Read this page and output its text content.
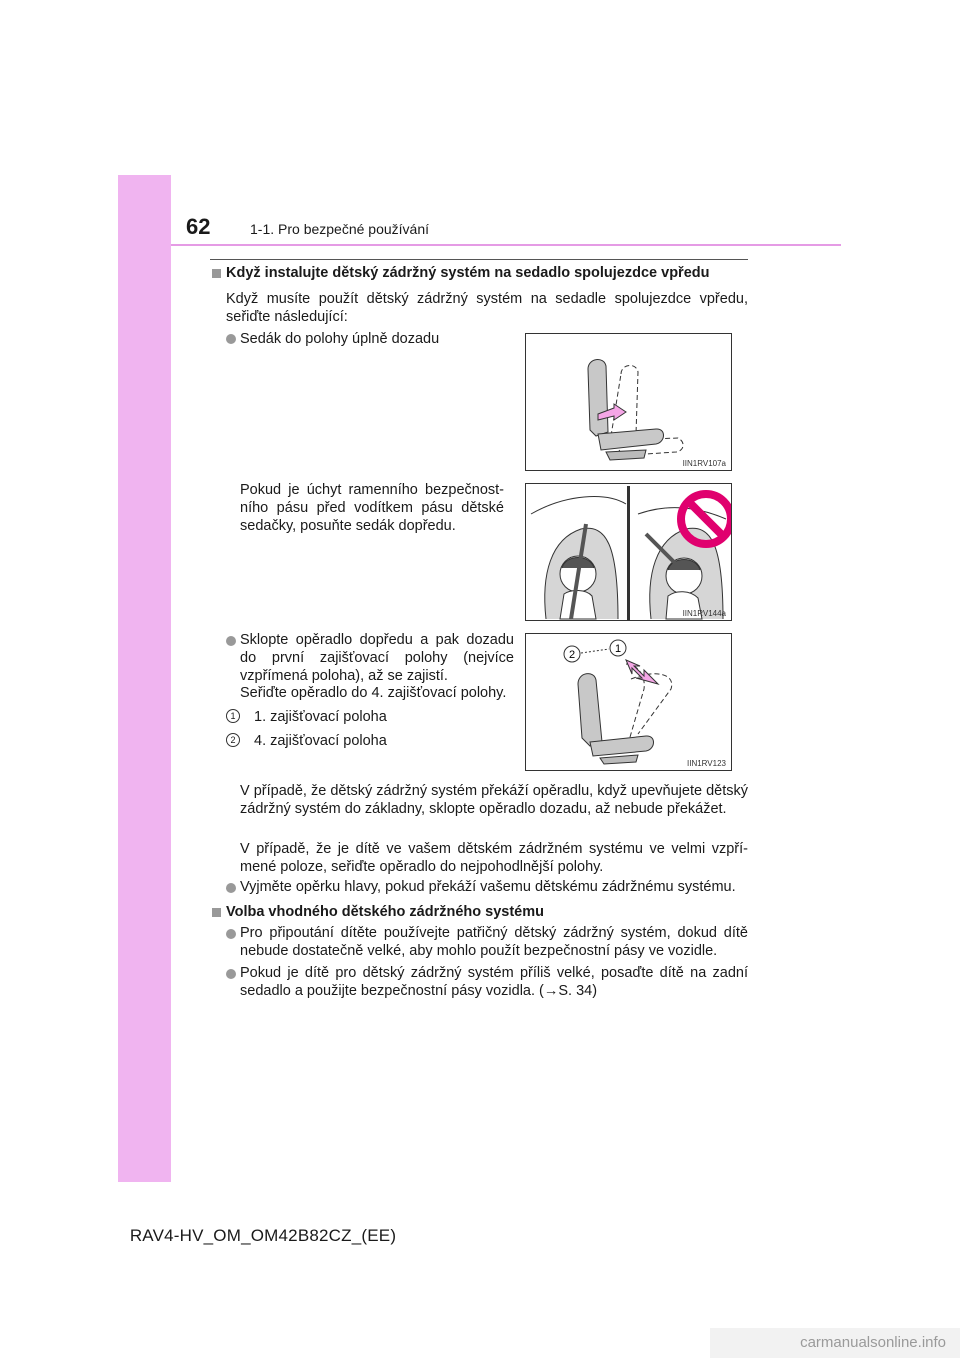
62	1-1. Pro bezpečné používání
Když instalujte dětský zádržný systém na sedadlo spolujezdce vpředu
Když musíte použít dětský zádržný systém na sedadle spolujezdce vpředu, seřiďte následující:
Sedák do polohy úplně dozadu
Pokud je úchyt ramenního bezpečnost-ního pásu před vodítkem pásu dětské sedačky, posuňte sedák dopředu.
Sklopte opěradlo dopředu a pak dozadu do první zajišťovací polohy (nejvíce vzpřímená poloha), až se zajistí.
Seřiďte opěradlo do 4. zajišťovací polohy.
1	1. zajišťovací poloha
2	4. zajišťovací poloha
V případě, že dětský zádržný systém překáží opěradlu, když upevňujete dětský zádržný systém do základny, sklopte opěradlo dozadu, až nebude překážet.
V případě, že je dítě ve vašem dětském zádržném systému ve velmi vzpří-mené poloze, seřiďte opěradlo do nejpohodlnější polohy.
Vyjměte opěrku hlavy, pokud překáží vašemu dětskému zádržnému systému.
Volba vhodného dětského zádržného systému
Pro připoutání dítěte používejte patřičný dětský zádržný systém, dokud dítě nebude dostatečně velké, aby mohlo použít bezpečnostní pásy ve vozidle.
Pokud je dítě pro dětský zádržný systém příliš velké, posaďte dítě na zadní sedadlo a použijte bezpečnostní pásy vozidla. (→S. 34)
IIN1RV107a
IIN1RV144a
2	1
IIN1RV123
RAV4-HV_OM_OM42B82CZ_(EE)
carmanualsonline.info
